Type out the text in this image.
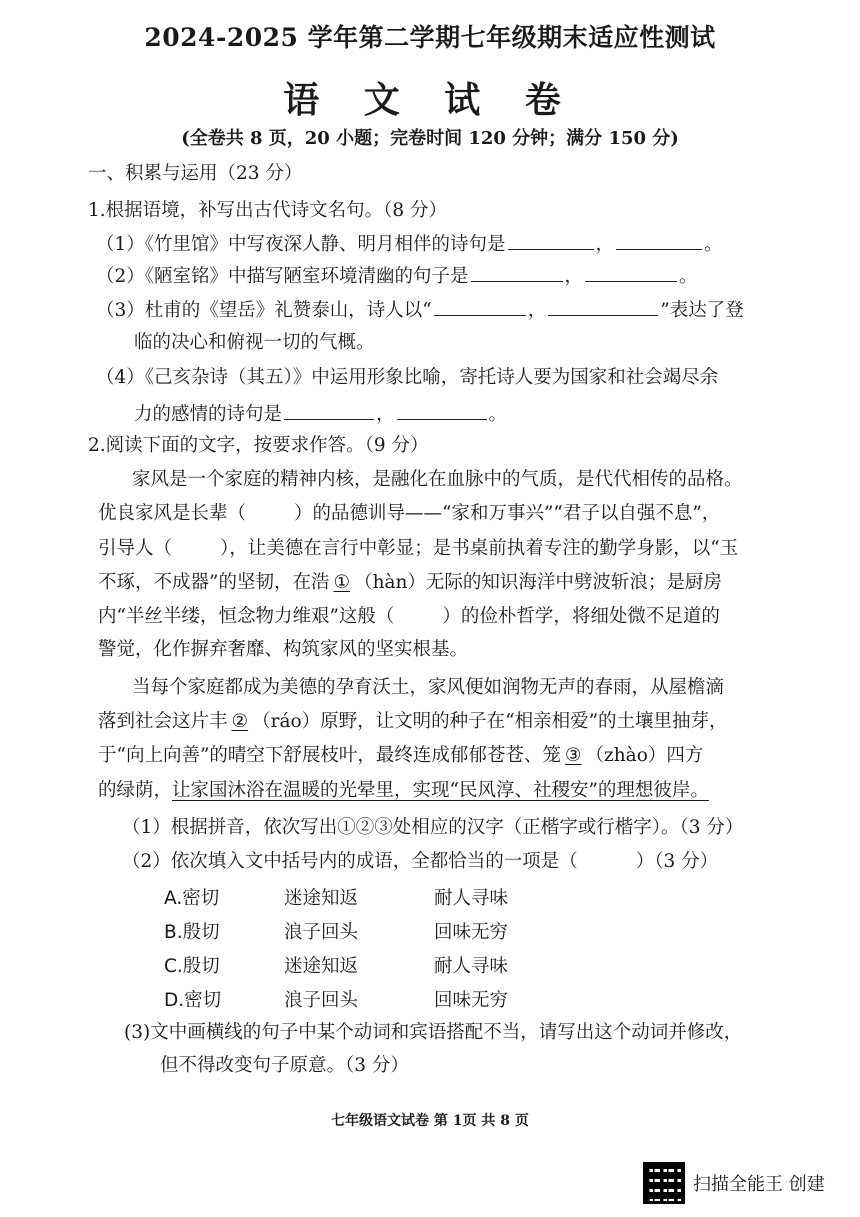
2024-2025 学年第二学期七年级期末适应性测试
语 文 试 卷
(全卷共 8 页，20 小题；完卷时间 120 分钟；满分 150 分)
一、积累与运用（23 分）
1.根据语境，补写出古代诗文名句。（8 分）
（1）《竹里馆》中写夜深人静、明月相伴的诗句是	，	。
（2）《陋室铭》中描写陋室环境清幽的句子是	，	。
（3）杜甫的《望岳》礼赞泰山，诗人以“	，	”表达了登
临的决心和俯视一切的气概。
（4）《己亥杂诗（其五）》中运用形象比喻，寄托诗人要为国家和社会竭尽余
力的感情的诗句是	，	。
2.阅读下面的文字，按要求作答。（9 分）
家风是一个家庭的精神内核，是融化在血脉中的气质，是代代相传的品格。
优良家风是长辈（	）的品德训导——“家和万事兴”“君子以自强不息”，
引导人（	），让美德在言行中彰显；是书桌前执着专注的勤学身影，以“玉
不琢，不成器”的坚韧，在浩 ① （hàn）无际的知识海洋中劈波斩浪；是厨房
内“半丝半缕，恒念物力维艰”这般（	）的俭朴哲学，将细处微不足道的
警觉，化作摒弃奢靡、构筑家风的坚实根基。
当每个家庭都成为美德的孕育沃土，家风便如润物无声的春雨，从屋檐滴
落到社会这片丰 ② （ráo）原野，让文明的种子在“相亲相爱”的土壤里抽芽，
于“向上向善”的晴空下舒展枝叶，最终连成郁郁苍苍、笼 ③ （zhào）四方
的绿荫，让家国沐浴在温暖的光晕里，实现“民风淳、社稷安”的理想彼岸。
（1）根据拼音，依次写出①②③处相应的汉字（正楷字或行楷字）。（3 分）
（2）依次填入文中括号内的成语，全都恰当的一项是（	）（3 分）
A.密切	迷途知返	耐人寻味
B.殷切	浪子回头	回味无穷
C.殷切	迷途知返	耐人寻味
D.密切	浪子回头	回味无穷
(3)文中画横线的句子中某个动词和宾语搭配不当，请写出这个动词并修改，
但不得改变句子原意。（3 分）
七年级语文试卷 第 1页 共 8 页
扫描全能王 创建
